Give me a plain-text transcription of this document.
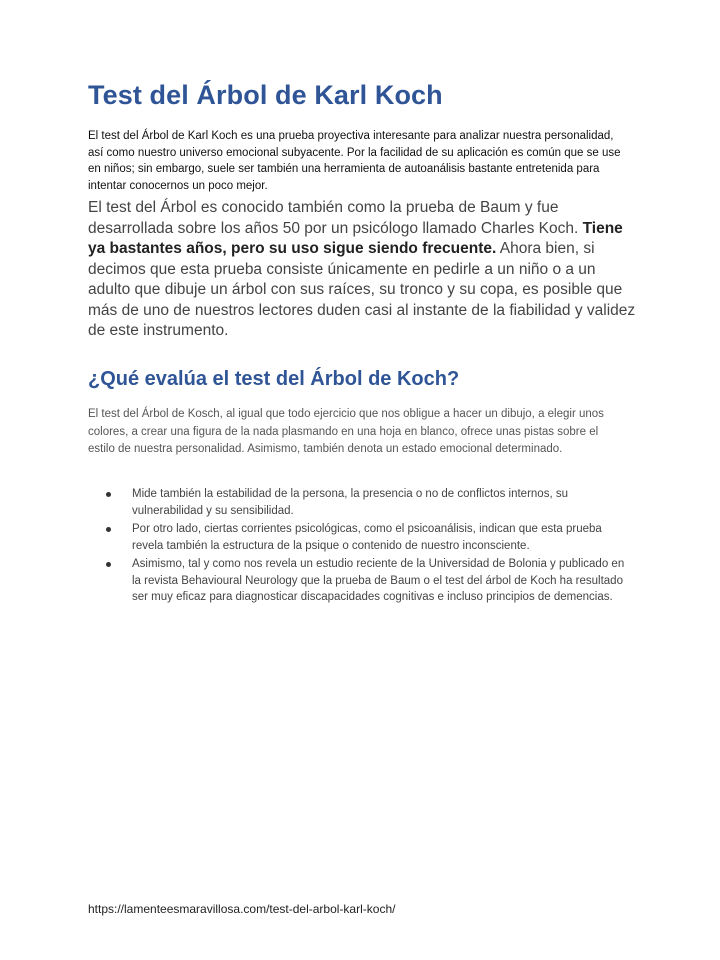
Test del Árbol de Karl Koch

El test del Árbol de Karl Koch es una prueba proyectiva interesante para analizar nuestra personalidad, así como nuestro universo emocional subyacente. Por la facilidad de su aplicación es común que se use en niños; sin embargo, suele ser también una herramienta de autoanálisis bastante entretenida para intentar conocernos un poco mejor.

El test del Árbol es conocido también como la prueba de Baum y fue desarrollada sobre los años 50 por un psicólogo llamado Charles Koch. Tiene ya bastantes años, pero su uso sigue siendo frecuente. Ahora bien, si decimos que esta prueba consiste únicamente en pedirle a un niño o a un adulto que dibuje un árbol con sus raíces, su tronco y su copa, es posible que más de uno de nuestros lectores duden casi al instante de la fiabilidad y validez de este instrumento.

¿Qué evalúa el test del Árbol de Koch?

El test del Árbol de Kosch, al igual que todo ejercicio que nos obligue a hacer un dibujo, a elegir unos colores, a crear una figura de la nada plasmando en una hoja en blanco, ofrece unas pistas sobre el estilo de nuestra personalidad. Asimismo, también denota un estado emocional determinado.

Mide también la estabilidad de la persona, la presencia o no de conflictos internos, su vulnerabilidad y su sensibilidad.
Por otro lado, ciertas corrientes psicológicas, como el psicoanálisis, indican que esta prueba revela también la estructura de la psique o contenido de nuestro inconsciente.
Asimismo, tal y como nos revela un estudio reciente de la Universidad de Bolonia y publicado en la revista Behavioural Neurology que la prueba de Baum o el test del árbol de Koch ha resultado ser muy eficaz para diagnosticar discapacidades cognitivas e incluso principios de demencias.

https://lamenteesmaravillosa.com/test-del-arbol-karl-koch/
